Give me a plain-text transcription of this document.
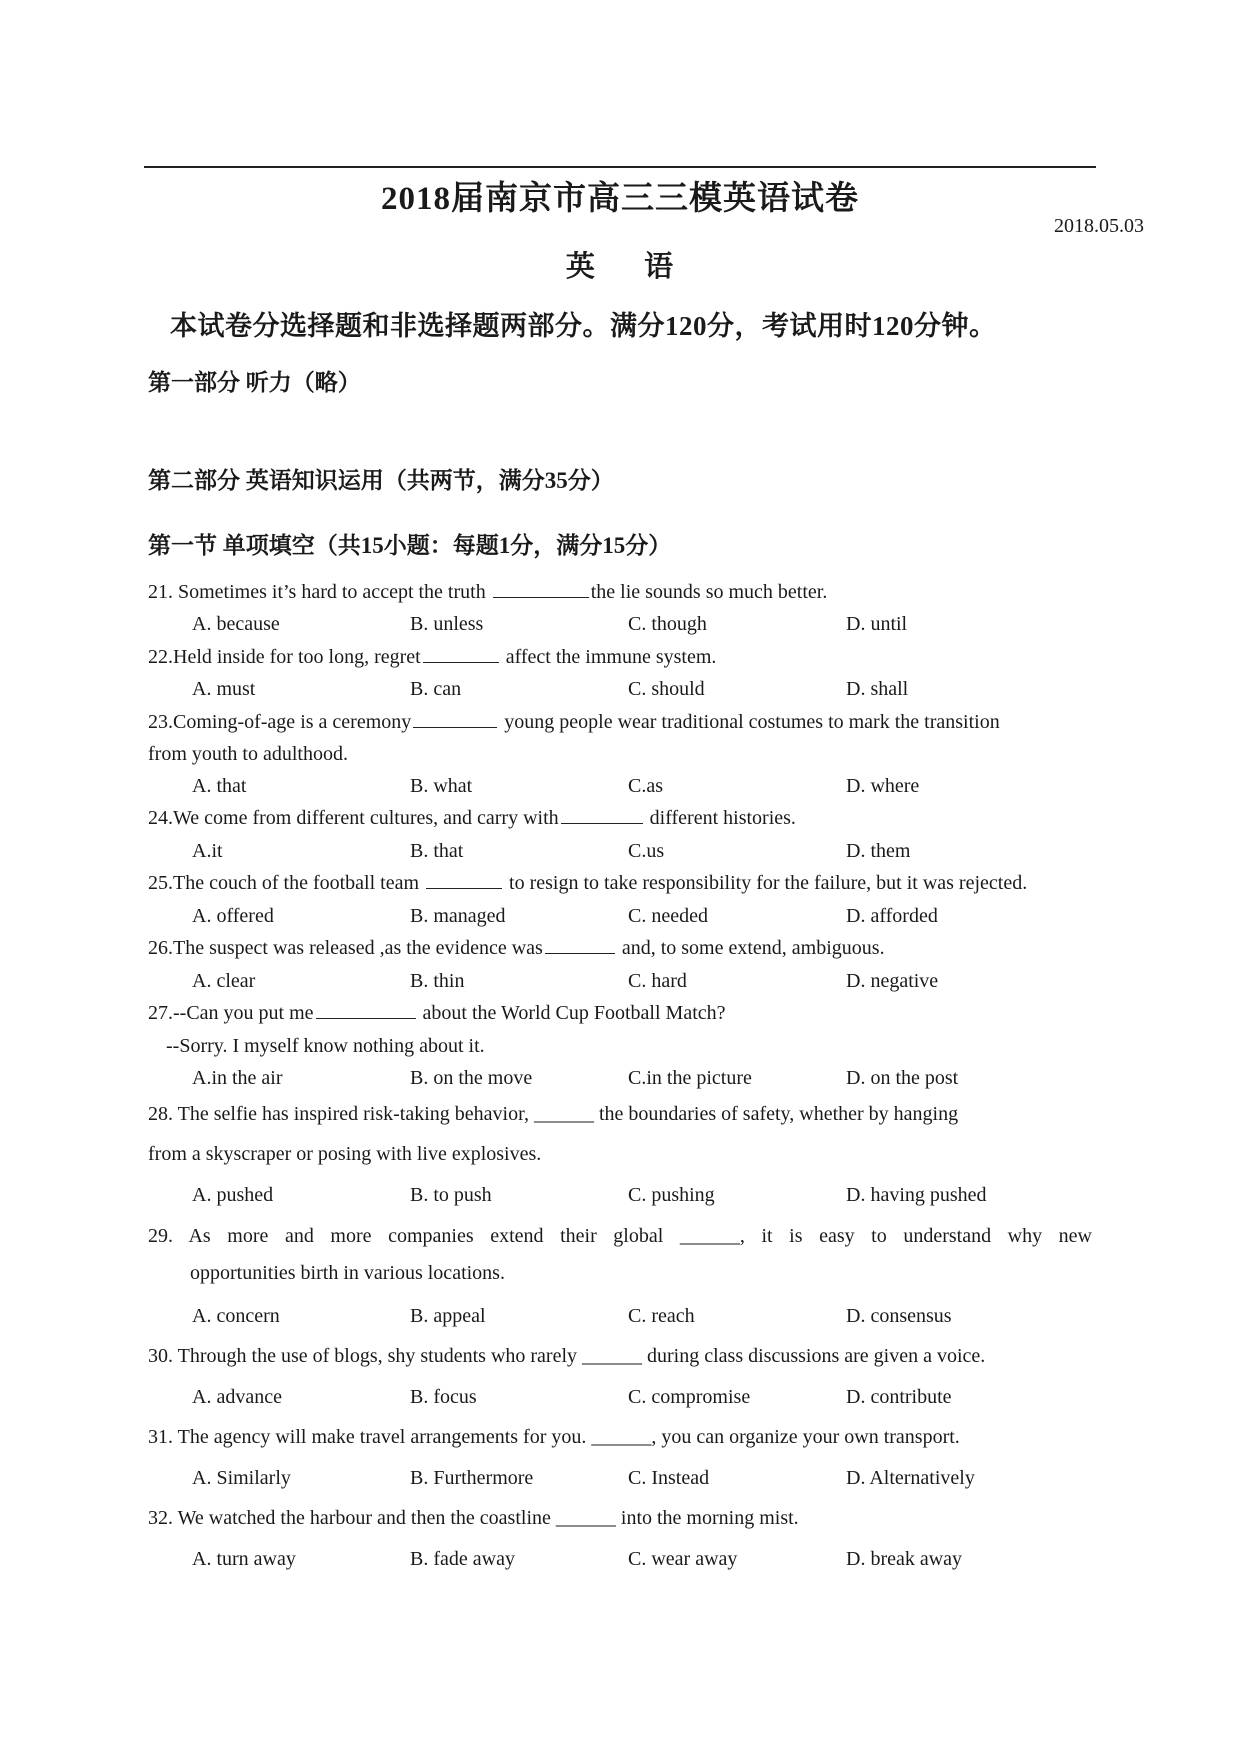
2018届南京市高三三模英语试卷
2018.05.03
英 语
本试卷分选择题和非选择题两部分。满分120分，考试用时120分钟。
第一部分 听力（略）
第二部分 英语知识运用（共两节，满分35分）
第一节 单项填空（共15小题：每题1分，满分15分）
21. Sometimes it’s hard to accept the truth	the lie sounds so much better.
A. because	B. unless	C. though	D. until
22.Held inside for too long, regret	affect the immune system.
A. must	B. can	C. should	D. shall
23.Coming-of-age is a ceremony	young people wear traditional costumes to mark the transition
from youth to adulthood.
A. that	B. what	C.as	D. where
24.We come from different cultures, and carry with	different histories.
A.it	B. that	C.us	D. them
25.The couch of the football team	to resign to take responsibility for the failure, but it was rejected.
A. offered	B. managed	C. needed	D. afforded
26.The suspect was released ,as the evidence was	and, to some extend, ambiguous.
A. clear	B. thin	C. hard	D. negative
27.--Can you put me	about the World Cup Football Match?
--Sorry. I myself know nothing about it.
A.in the air	B. on the move	C.in the picture	D. on the post
28. The selfie has inspired risk-taking behavior, ______ the boundaries of safety, whether by hanging
from a skyscraper or posing with live explosives.
A. pushed	B. to push	C. pushing	D. having pushed
29. As more and more companies extend their global ______, it is easy to understand why new
opportunities birth in various locations.
A. concern	B. appeal	C. reach	D. consensus
30. Through the use of blogs, shy students who rarely ______ during class discussions are given a voice.
A. advance	B. focus	C. compromise	D. contribute
31. The agency will make travel arrangements for you. ______, you can organize your own transport.
A. Similarly	B. Furthermore	C. Instead	D. Alternatively
32. We watched the harbour and then the coastline ______ into the morning mist.
A. turn away	B. fade away	C. wear away	D. break away
